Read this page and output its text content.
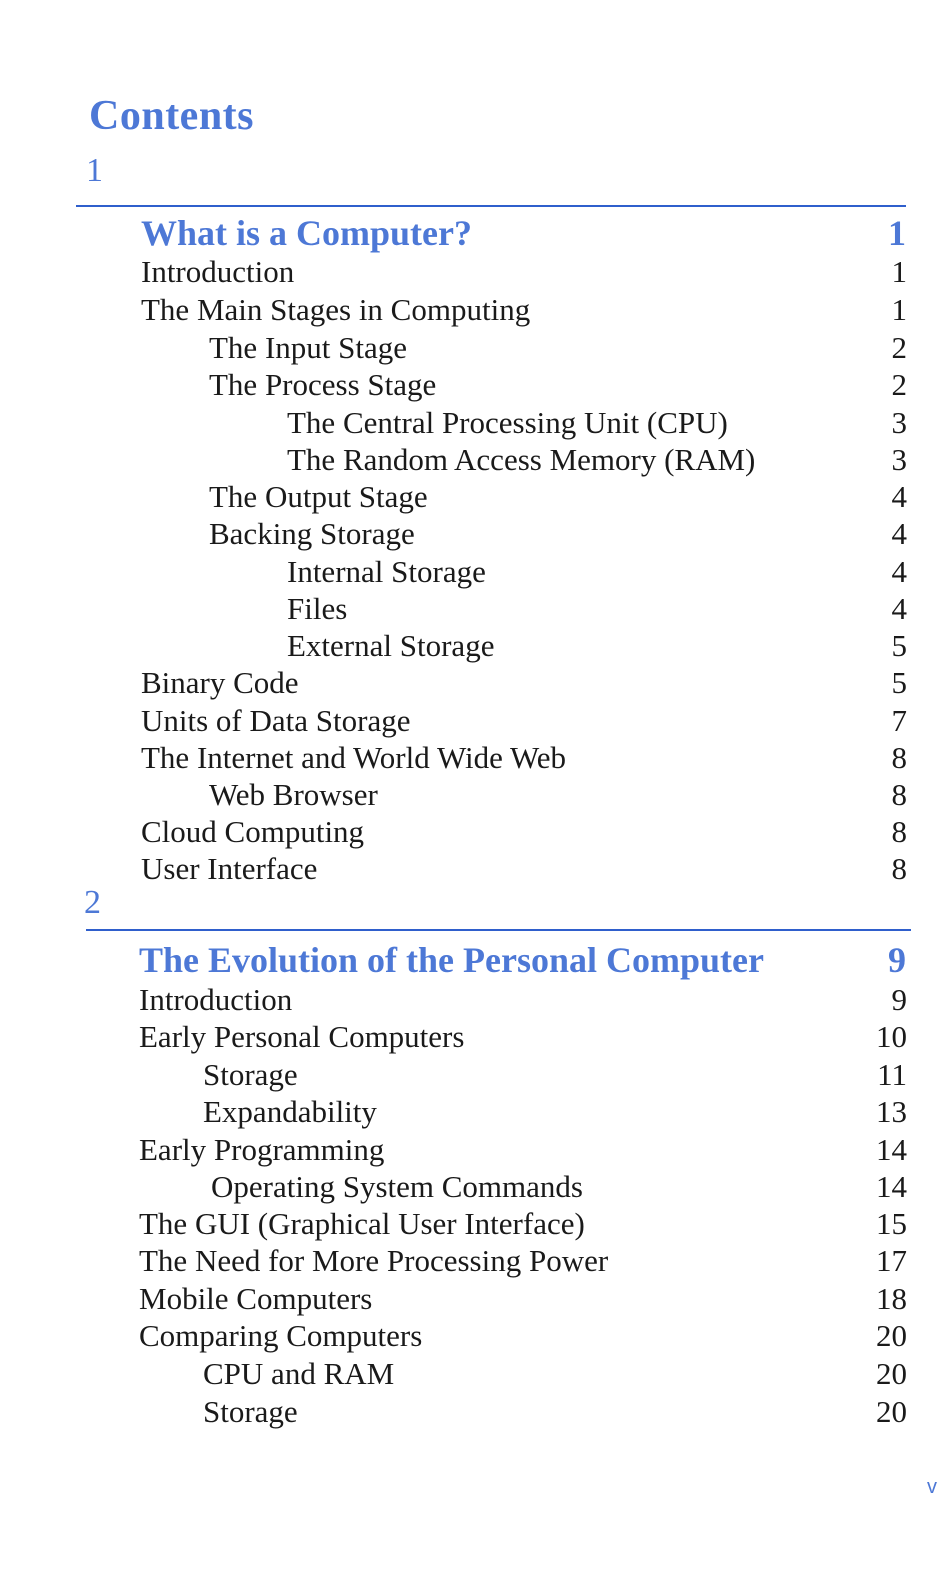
Contents
1
What is a Computer?	1
Introduction	1
The Main Stages in Computing	1
The Input Stage	2
The Process Stage	2
The Central Processing Unit (CPU)	3
The Random Access Memory (RAM)	3
The Output Stage	4
Backing Storage	4
Internal Storage	4
Files	4
External Storage	5
Binary Code	5
Units of Data Storage	7
The Internet and World Wide Web	8
Web Browser	8
Cloud Computing	8
User Interface	8
2
The Evolution of the Personal Computer	9
Introduction	9
Early Personal Computers	10
Storage	11
Expandability	13
Early Programming	14
Operating System Commands	14
The GUI (Graphical User Interface)	15
The Need for More Processing Power	17
Mobile Computers	18
Comparing Computers	20
CPU and RAM	20
Storage	20
v
